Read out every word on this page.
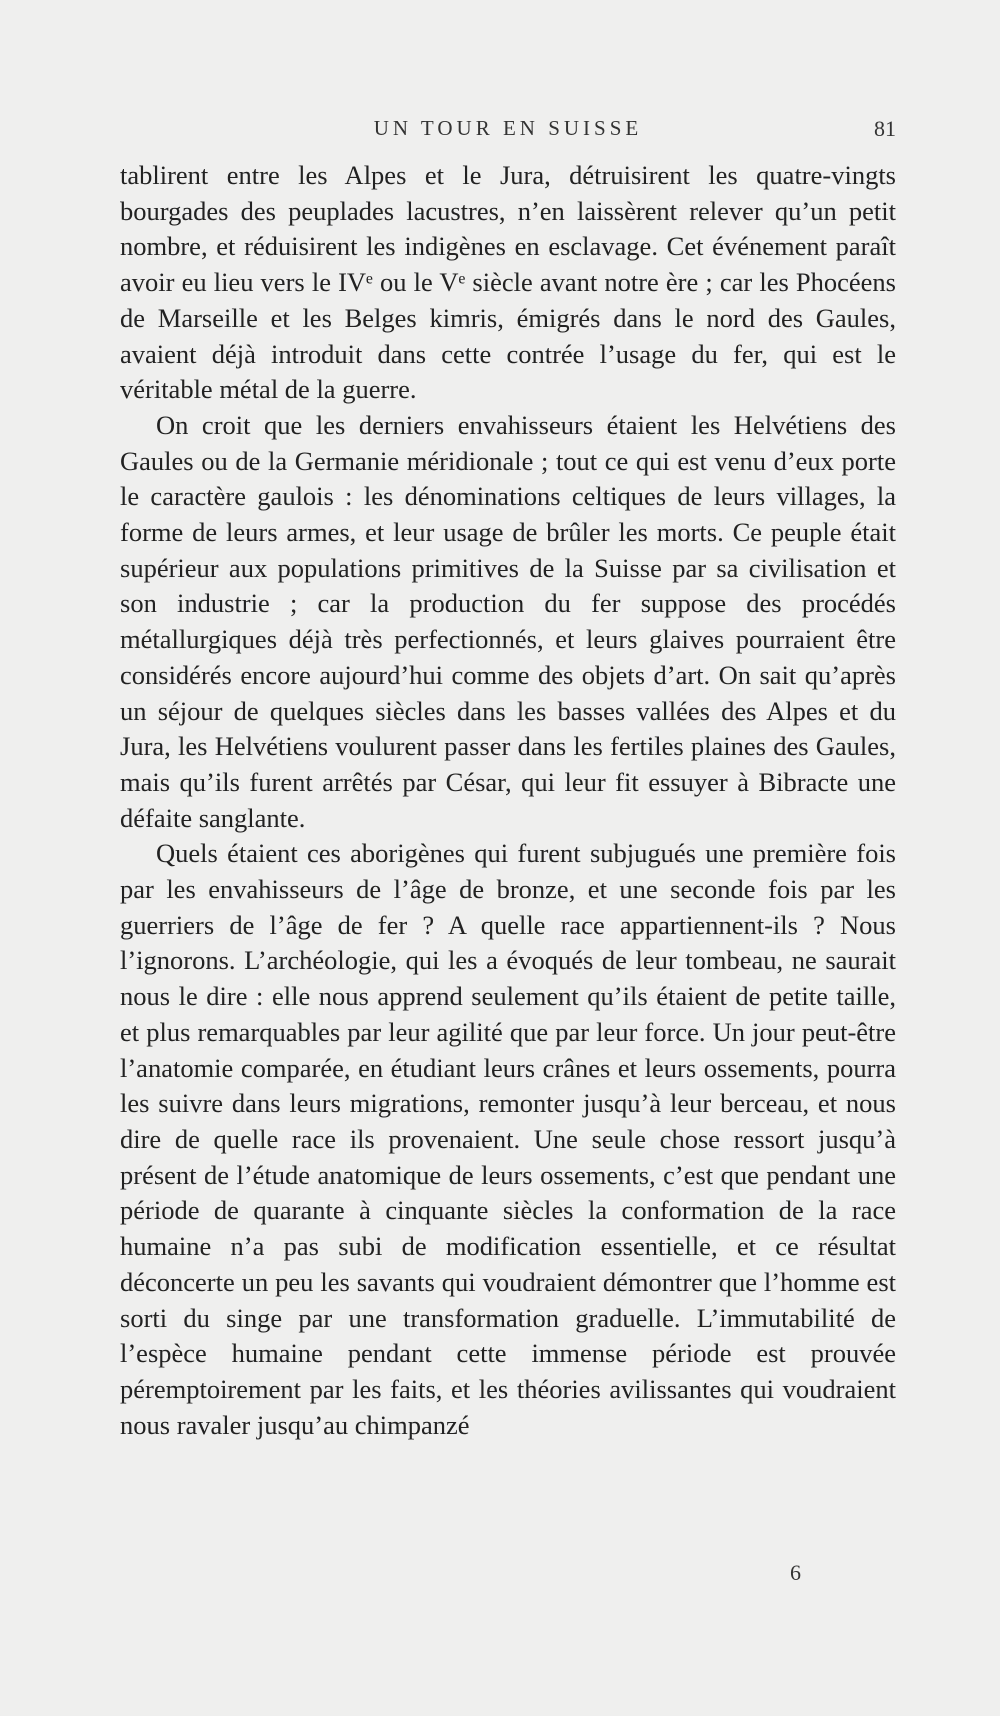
UN TOUR EN SUISSE	81

tablirent entre les Alpes et le Jura, détruisirent les quatre-vingts bourgades des peuplades lacustres, n’en laissèrent relever qu’un petit nombre, et réduisirent les indigènes en esclavage. Cet événement paraît avoir eu lieu vers le IVᵉ ou le Vᵉ siècle avant notre ère ; car les Phocéens de Marseille et les Belges kimris, émigrés dans le nord des Gaules, avaient déjà introduit dans cette contrée l’usage du fer, qui est le véritable métal de la guerre.

On croit que les derniers envahisseurs étaient les Helvétiens des Gaules ou de la Germanie méridionale ; tout ce qui est venu d’eux porte le caractère gaulois : les dénominations celtiques de leurs villages, la forme de leurs armes, et leur usage de brûler les morts. Ce peuple était supérieur aux populations primitives de la Suisse par sa civilisation et son industrie ; car la production du fer suppose des procédés métallurgiques déjà très perfectionnés, et leurs glaives pourraient être considérés encore aujourd’hui comme des objets d’art. On sait qu’après un séjour de quelques siècles dans les basses vallées des Alpes et du Jura, les Helvétiens voulurent passer dans les fertiles plaines des Gaules, mais qu’ils furent arrêtés par César, qui leur fit essuyer à Bibracte une défaite sanglante.

Quels étaient ces aborigènes qui furent subjugués une première fois par les envahisseurs de l’âge de bronze, et une seconde fois par les guerriers de l’âge de fer ? A quelle race appartiennent-ils ? Nous l’ignorons. L’archéologie, qui les a évoqués de leur tombeau, ne saurait nous le dire : elle nous apprend seulement qu’ils étaient de petite taille, et plus remarquables par leur agilité que par leur force. Un jour peut-être l’anatomie comparée, en étudiant leurs crânes et leurs ossements, pourra les suivre dans leurs migrations, remonter jusqu’à leur berceau, et nous dire de quelle race ils provenaient. Une seule chose ressort jusqu’à présent de l’étude anatomique de leurs ossements, c’est que pendant une période de quarante à cinquante siècles la conformation de la race humaine n’a pas subi de modification essentielle, et ce résultat déconcerte un peu les savants qui voudraient démontrer que l’homme est sorti du singe par une transformation graduelle. L’immutabilité de l’espèce humaine pendant cette immense période est prouvée péremptoirement par les faits, et les théories avilissantes qui voudraient nous ravaler jusqu’au chimpanzé

6
